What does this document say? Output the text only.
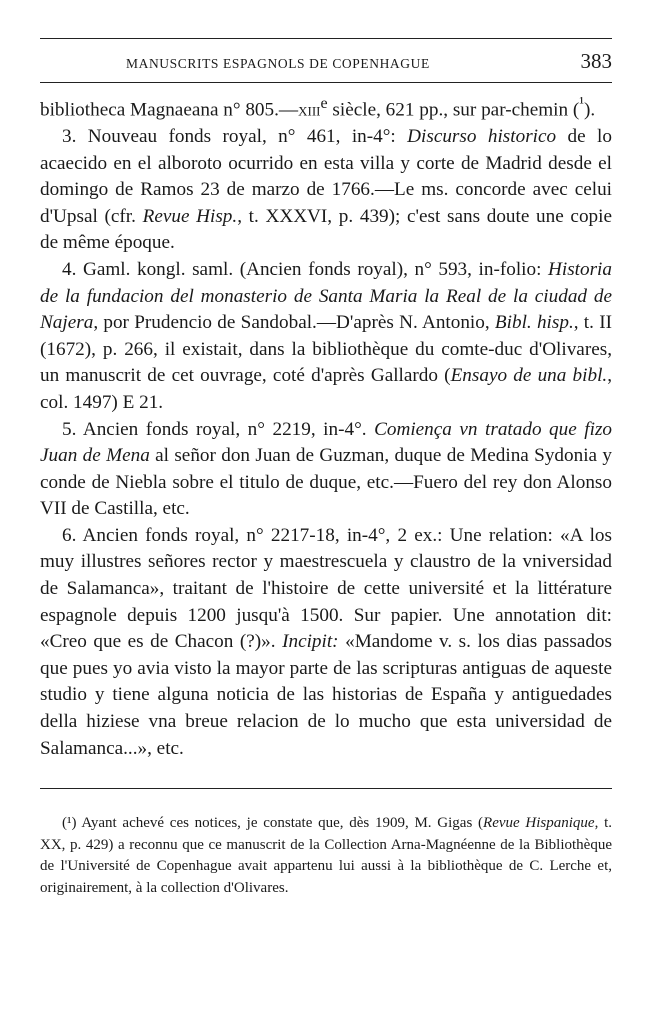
MANUSCRITS ESPAGNOLS DE COPENHAGUE	383

bibliotheca Magnaeana n° 805.—xiii$^e$ siècle, 621 pp., sur par-chemin ($^{^1}$).

3. Nouveau fonds royal, n° 461, in-4°: Discurso historico de lo acaecido en el alboroto ocurrido en esta villa y corte de Madrid desde el domingo de Ramos 23 de marzo de 1766.—Le ms. concorde avec celui d'Upsal (cfr. Revue Hisp., t. XXXVI, p. 439); c'est sans doute une copie de même époque.

4. Gaml. kongl. saml. (Ancien fonds royal), n° 593, in-folio: Historia de la fundacion del monasterio de Santa Maria la Real de la ciudad de Najera, por Prudencio de Sandobal.—D'après N. Antonio, Bibl. hisp., t. II (1672), p. 266, il existait, dans la bibliothèque du comte-duc d'Olivares, un manuscrit de cet ouvrage, coté d'après Gallardo (Ensayo de una bibl., col. 1497) E 21.

5. Ancien fonds royal, n° 2219, in-4°. Comiença vn tratado que fizo Juan de Mena al señor don Juan de Guzman, duque de Medina Sydonia y conde de Niebla sobre el titulo de duque, etc.—Fuero del rey don Alonso VII de Castilla, etc.

6. Ancien fonds royal, n° 2217-18, in-4°, 2 ex.: Une relation: «A los muy illustres señores rector y maestrescuela y claustro de la vniversidad de Salamanca», traitant de l'histoire de cette université et la littérature espagnole depuis 1200 jusqu'à 1500. Sur papier. Une annotation dit: «Creo que es de Chacon (?)». Incipit: «Mandome v. s. los dias passados que pues yo avia visto la mayor parte de las scripturas antiguas de aqueste studio y tiene alguna noticia de las historias de España y antiguedades della hiziese vna breue relacion de lo mucho que esta universidad de Salamanca...», etc.

(¹) Ayant achevé ces notices, je constate que, dès 1909, M. Gigas (Revue Hispanique, t. XX, p. 429) a reconnu que ce manuscrit de la Collection Arna-Magnéenne de la Bibliothèque de l'Université de Copenhague avait appartenu lui aussi à la bibliothèque de C. Lerche et, originairement, à la collection d'Olivares.
